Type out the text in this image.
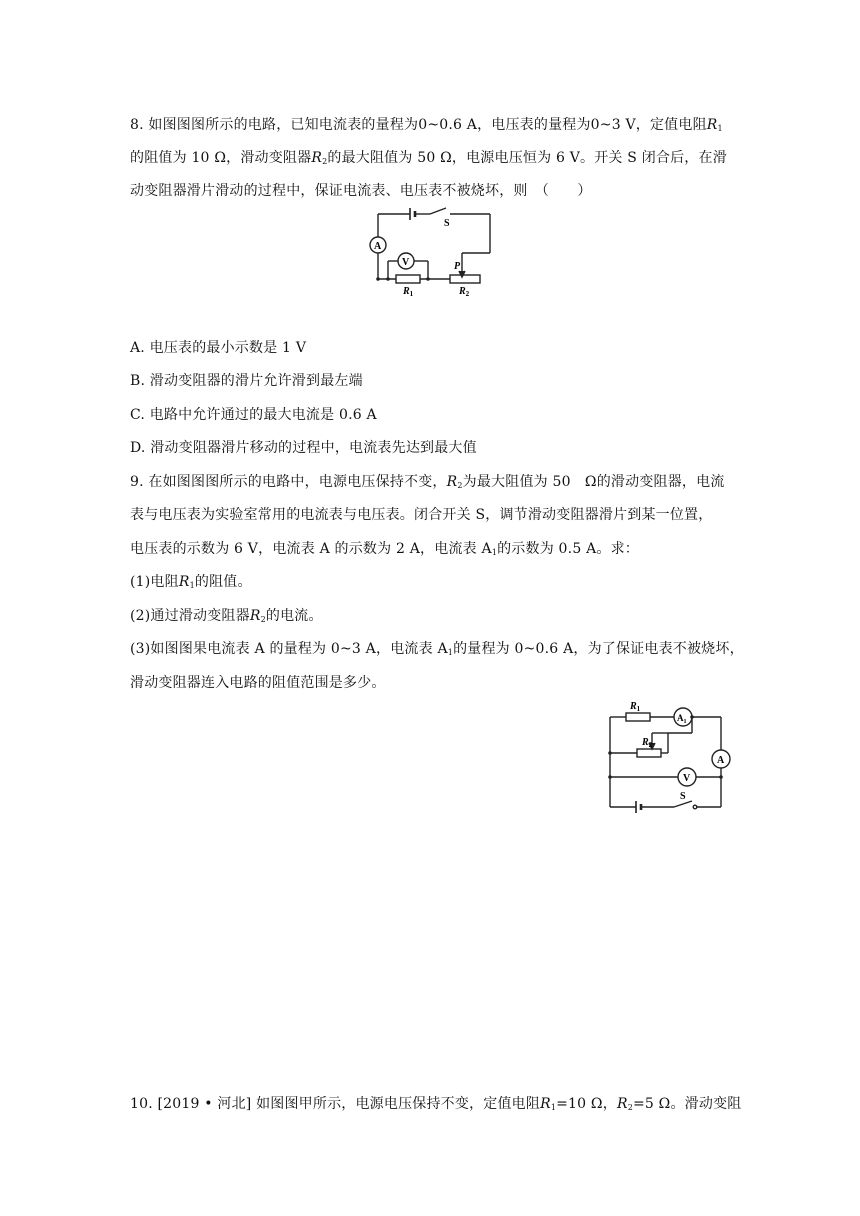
8. 如图图图所示的电路，已知电流表的量程为0~0.6 A，电压表的量程为0~3 V，定值电阻$R_1$
的阻值为 10 Ω，滑动变阻器$R_2$的最大阻值为 50 Ω，电源电压恒为 6 V。开关 S 闭合后，在滑
动变阻器滑片滑动的过程中，保证电流表、电压表不被烧坏，则　（　　）
A
V
S
P
$R_1$	$R_2$
A. 电压表的最小示数是 1 V
B. 滑动变阻器的滑片允许滑到最左端
C. 电路中允许通过的最大电流是 0.6 A
D. 滑动变阻器滑片移动的过程中，电流表先达到最大值
9. 在如图图图所示的电路中，电源电压保持不变，$R_2$为最大阻值为 50　Ω的滑动变阻器，电流
表与电压表为实验室常用的电流表与电压表。闭合开关 S，调节滑动变阻器滑片到某一位置，
电压表的示数为 6 V，电流表 A 的示数为 2 A，电流表 $A_1$的示数为 0.5 A。求：
(1)电阻$R_1$的阻值。
(2)通过滑动变阻器$R_2$的电流。
(3)如图图果电流表 A 的量程为 0~3 A，电流表 $A_1$的量程为 0~0.6 A，为了保证电表不被烧坏，
滑动变阻器连入电路的阻值范围是多少。
$R_1$
$A_1$
$R_2$
A
V
S
10. [2019 • 河北] 如图图甲所示，电源电压保持不变，定值电阻$R_1=10$ Ω，$R_2=5$ Ω。滑动变阻
